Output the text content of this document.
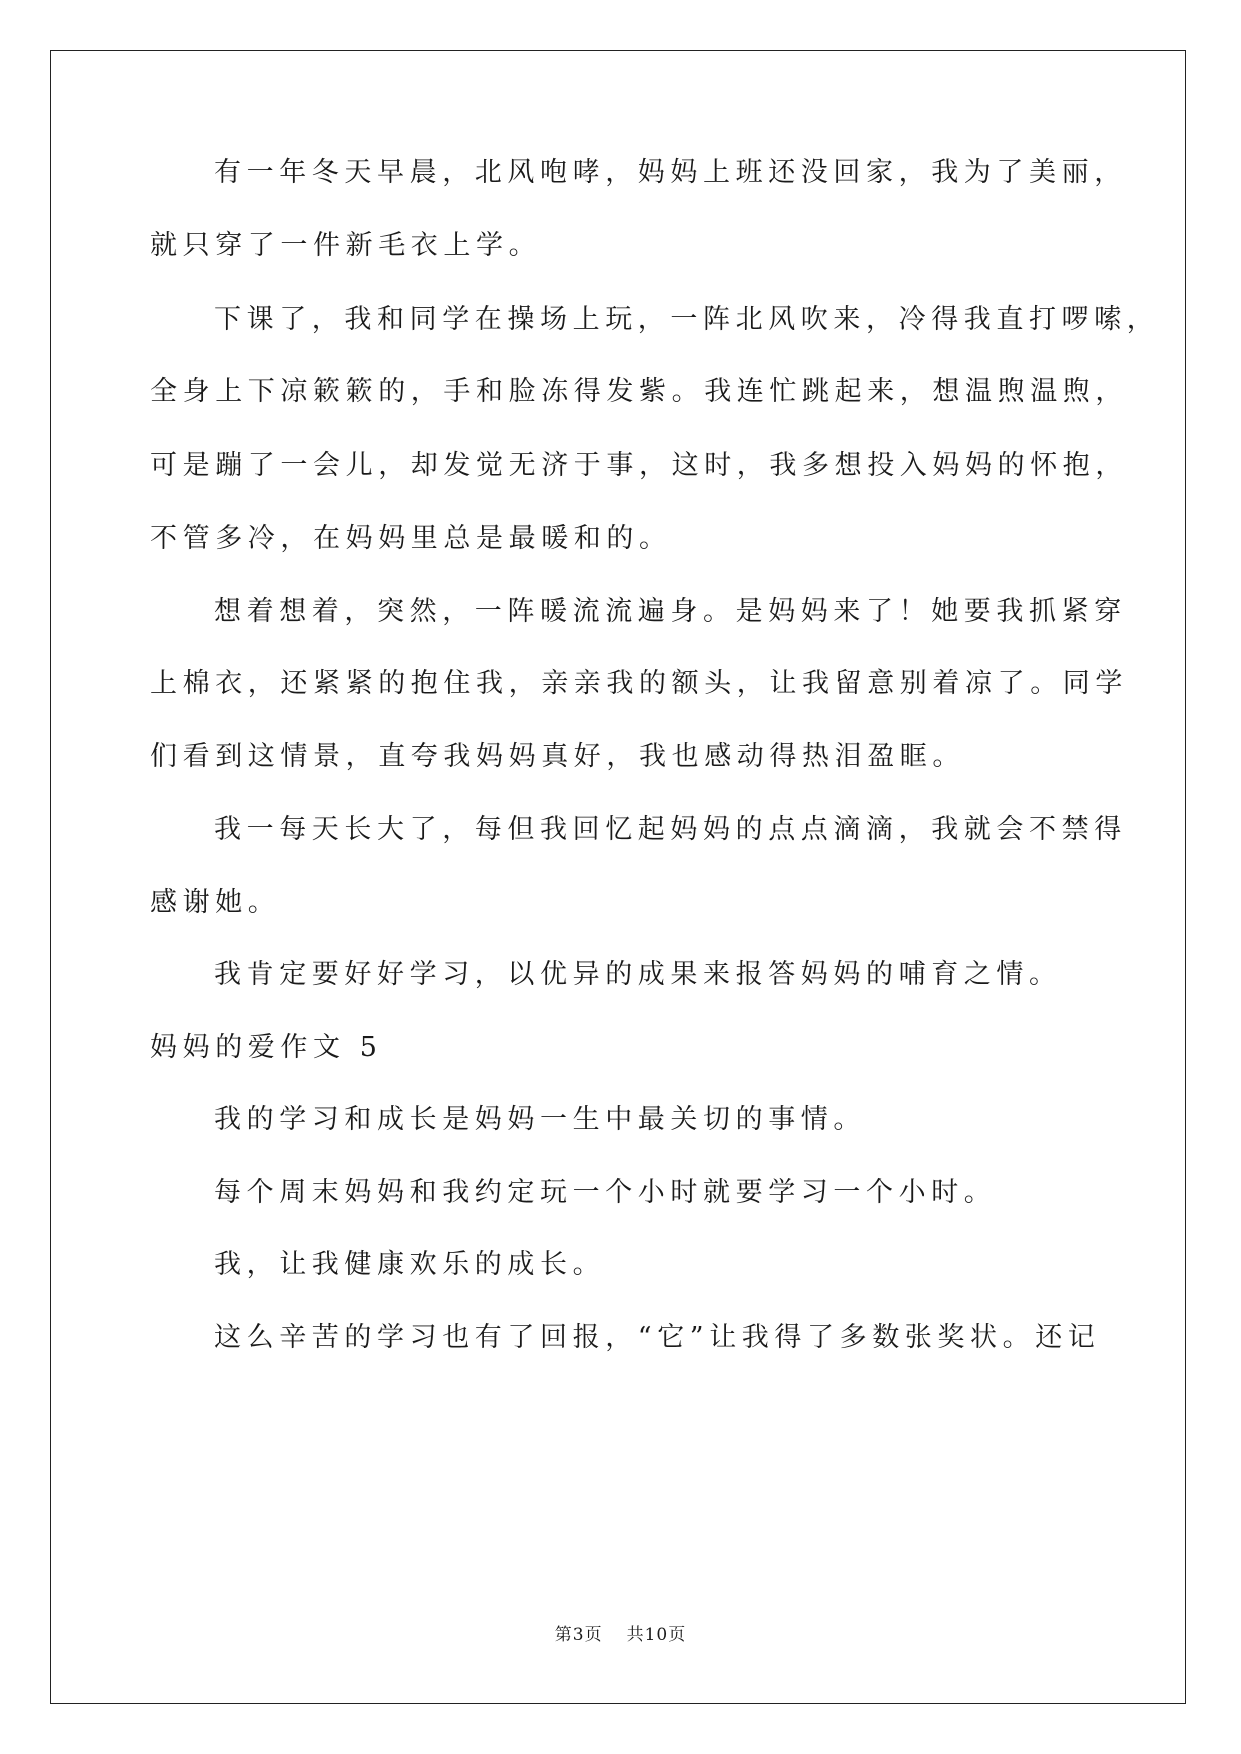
有一年冬天早晨，北风咆哮，妈妈上班还没回家，我为了美丽，
就只穿了一件新毛衣上学。
下课了，我和同学在操场上玩，一阵北风吹来，冷得我直打啰嗦，
全身上下凉簌簌的，手和脸冻得发紫。我连忙跳起来，想温煦温煦，
可是蹦了一会儿，却发觉无济于事，这时，我多想投入妈妈的怀抱，
不管多冷，在妈妈里总是最暖和的。
想着想着，突然，一阵暖流流遍身。是妈妈来了！她要我抓紧穿
上棉衣，还紧紧的抱住我，亲亲我的额头，让我留意别着凉了。同学
们看到这情景，直夸我妈妈真好，我也感动得热泪盈眶。
我一每天长大了，每但我回忆起妈妈的点点滴滴，我就会不禁得
感谢她。
我肯定要好好学习，以优异的成果来报答妈妈的哺育之情。
妈妈的爱作文 5
我的学习和成长是妈妈一生中最关切的事情。
每个周末妈妈和我约定玩一个小时就要学习一个小时。
我，让我健康欢乐的成长。
这么辛苦的学习也有了回报，“它”让我得了多数张奖状。还记
第3页 共10页
